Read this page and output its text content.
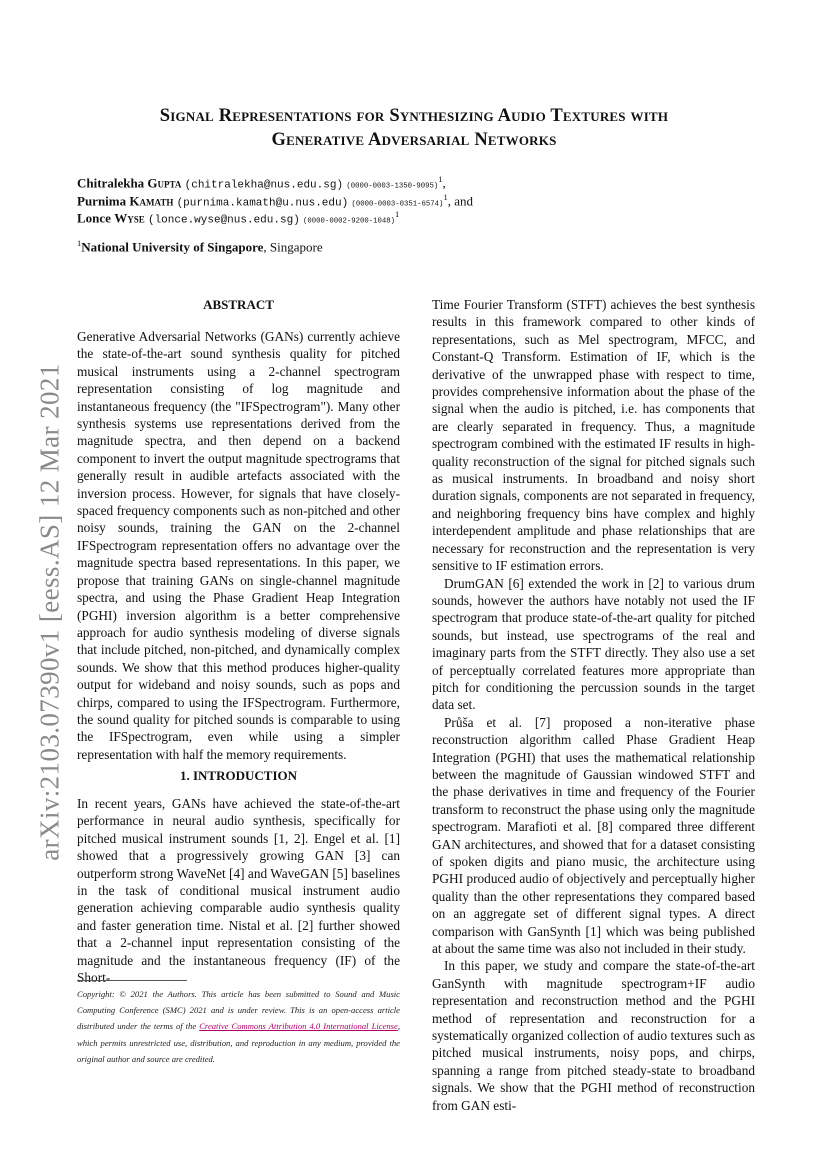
arXiv:2103.07390v1 [eess.AS] 12 Mar 2021
Signal Representations for Synthesizing Audio Textures with
Generative Adversarial Networks
Chitralekha Gupta (chitralekha@nus.edu.sg) $(0000-0003-1350-9095)^1$,
Purnima Kamath (purnima.kamath@u.nus.edu) $(0000-0003-0351-6574)^1$, and
Lonce Wyse (lonce.wyse@nus.edu.sg) $(0000-0002-9200-1048)^1$
$^1$National University of Singapore, Singapore
ABSTRACT

Generative Adversarial Networks (GANs) currently achieve the state-of-the-art sound synthesis quality for pitched musical instruments using a 2-channel spectrogram representation consisting of log magnitude and instantaneous frequency (the "IFSpectrogram"). Many other synthesis systems use representations derived from the magnitude spectra, and then depend on a backend component to invert the output magnitude spectrograms that generally result in audible artefacts associated with the inversion process. However, for signals that have closely-spaced frequency components such as non-pitched and other noisy sounds, training the GAN on the 2-channel IFSpectrogram representation offers no advantage over the magnitude spectra based representations. In this paper, we propose that training GANs on single-channel magnitude spectra, and using the Phase Gradient Heap Integration (PGHI) inversion algorithm is a better comprehensive approach for audio synthesis modeling of diverse signals that include pitched, non-pitched, and dynamically complex sounds. We show that this method produces higher-quality output for wideband and noisy sounds, such as pops and chirps, compared to using the IFSpectrogram. Furthermore, the sound quality for pitched sounds is comparable to using the IFSpectrogram, even while using a simpler representation with half the memory requirements.

1. INTRODUCTION

In recent years, GANs have achieved the state-of-the-art performance in neural audio synthesis, specifically for pitched musical instrument sounds [1, 2]. Engel et al. [1] showed that a progressively growing GAN [3] can outperform strong WaveNet [4] and WaveGAN [5] baselines in the task of conditional musical instrument audio generation achieving comparable audio synthesis quality and faster generation time. Nistal et al. [2] further showed that a 2-channel input representation consisting of the magnitude and the instantaneous frequency (IF) of the Short-

Copyright: © 2021 the Authors. This article has been submitted to Sound and Music Computing Conference (SMC) 2021 and is under review. This is an open-access article distributed under the terms of the Creative Commons Attribution 4.0 International License, which permits unrestricted use, distribution, and reproduction in any medium, provided the original author and source are credited.

Time Fourier Transform (STFT) achieves the best synthesis results in this framework compared to other kinds of representations, such as Mel spectrogram, MFCC, and Constant-Q Transform. Estimation of IF, which is the derivative of the unwrapped phase with respect to time, provides comprehensive information about the phase of the signal when the audio is pitched, i.e. has components that are clearly separated in frequency. Thus, a magnitude spectrogram combined with the estimated IF results in high-quality reconstruction of the signal for pitched signals such as musical instruments. In broadband and noisy short duration signals, components are not separated in frequency, and neighboring frequency bins have complex and highly interdependent amplitude and phase relationships that are necessary for reconstruction and the representation is very sensitive to IF estimation errors.

DrumGAN [6] extended the work in [2] to various drum sounds, however the authors have notably not used the IF spectrogram that produce state-of-the-art quality for pitched sounds, but instead, use spectrograms of the real and imaginary parts from the STFT directly. They also use a set of perceptually correlated features more appropriate than pitch for conditioning the percussion sounds in the target data set.

Průša et al. [7] proposed a non-iterative phase reconstruction algorithm called Phase Gradient Heap Integration (PGHI) that uses the mathematical relationship between the magnitude of Gaussian windowed STFT and the phase derivatives in time and frequency of the Fourier transform to reconstruct the phase using only the magnitude spectrogram. Marafioti et al. [8] compared three different GAN architectures, and showed that for a dataset consisting of spoken digits and piano music, the architecture using PGHI produced audio of objectively and perceptually higher quality than the other representations they compared based on an aggregate set of different signal types. A direct comparison with GanSynth [1] which was being published at about the same time was also not included in their study.

In this paper, we study and compare the state-of-the-art GanSynth with magnitude spectrogram+IF audio representation and reconstruction method and the PGHI method of representation and reconstruction for a systematically organized collection of audio textures such as pitched musical instruments, noisy pops, and chirps, spanning a range from pitched steady-state to broadband signals. We show that the PGHI method of reconstruction from GAN esti-
